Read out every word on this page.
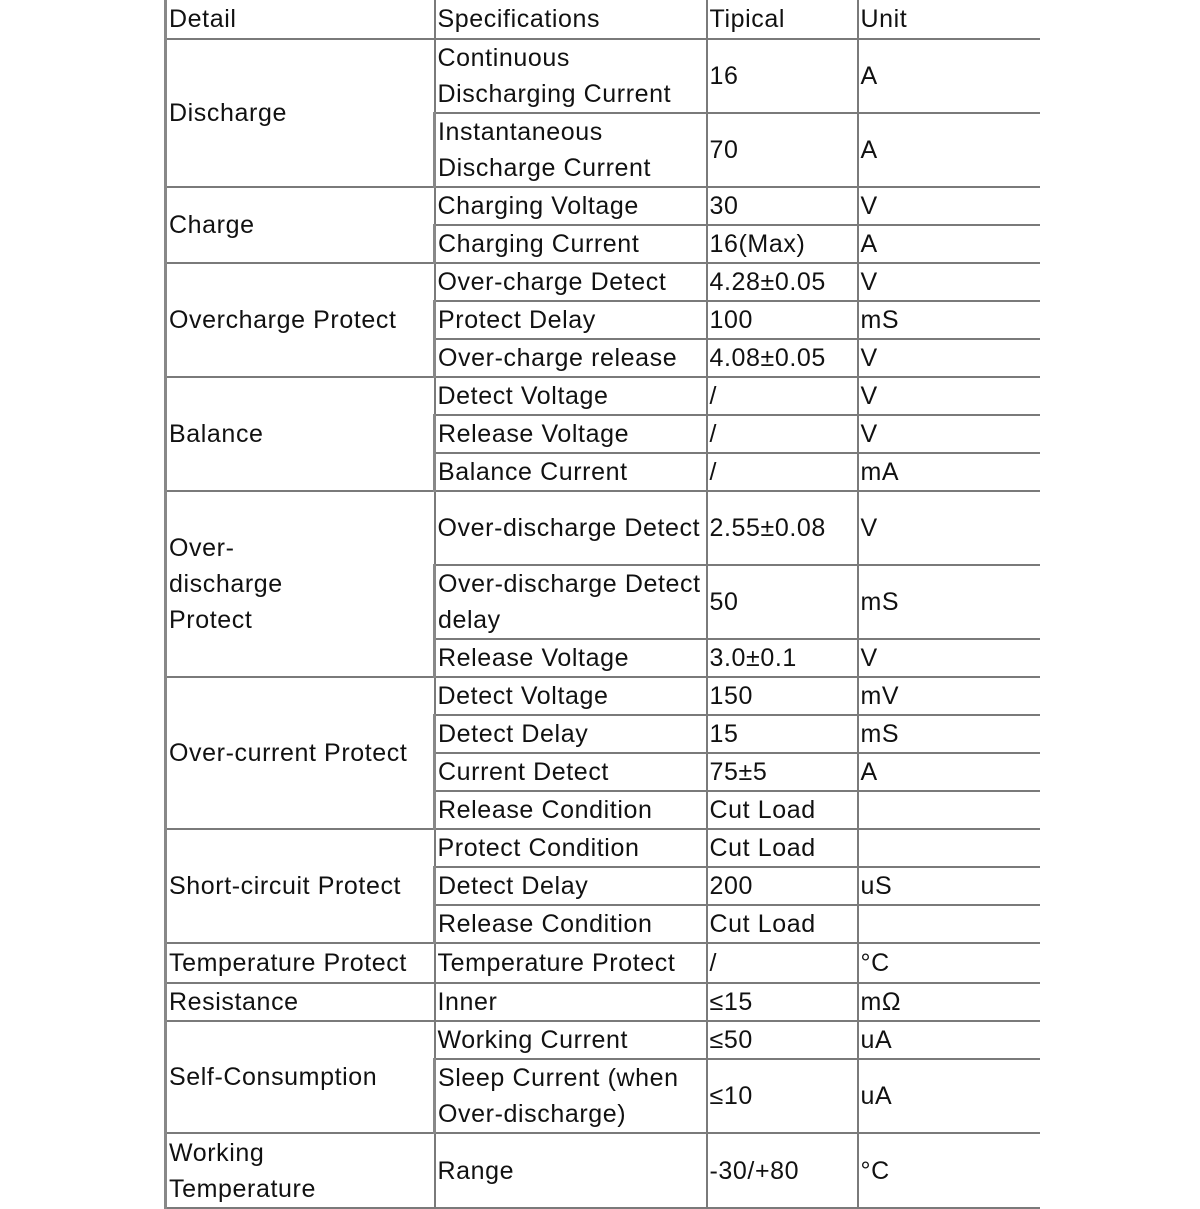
Detail	Specifications	Tipical	Unit
Discharge	Continuous Discharging Current	16	A
	Instantaneous Discharge Current	70	A
Charge	Charging Voltage	30	V
	Charging Current	16(Max)	A
Overcharge Protect	Over-charge Detect	4.28±0.05	V
	Protect Delay	100	mS
	Over-charge release	4.08±0.05	V
Balance	Detect Voltage	/	V
	Release Voltage	/	V
	Balance Current	/	mA
Over-discharge Protect	Over-discharge Detect	2.55±0.08	V
	Over-discharge Detect delay	50	mS
	Release Voltage	3.0±0.1	V
Over-current Protect	Detect Voltage	150	mV
	Detect Delay	15	mS
	Current Detect	75±5	A
	Release Condition	Cut Load	
Short-circuit Protect	Protect Condition	Cut Load	
	Detect Delay	200	uS
	Release Condition	Cut Load	
Temperature Protect	Temperature Protect	/	°C
Resistance	Inner	≤15	mΩ
Self-Consumption	Working Current	≤50	uA
	Sleep Current (when Over-discharge)	≤10	uA
Working Temperature	Range	-30/+80	°C
